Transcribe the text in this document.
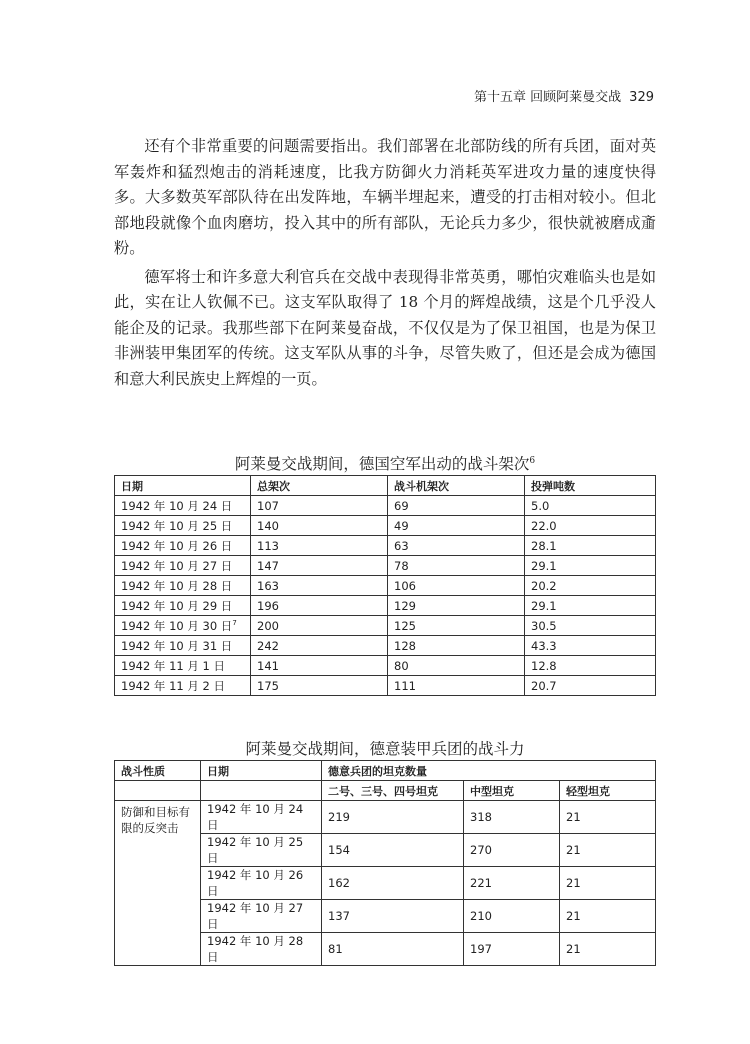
第十五章 回顾阿莱曼交战 329

还有个非常重要的问题需要指出。我们部署在北部防线的所有兵团，面对英军轰炸和猛烈炮击的消耗速度，比我方防御火力消耗英军进攻力量的速度快得多。大多数英军部队待在出发阵地，车辆半埋起来，遭受的打击相对较小。但北部地段就像个血肉磨坊，投入其中的所有部队，无论兵力多少，很快就被磨成齑粉。

德军将士和许多意大利官兵在交战中表现得非常英勇，哪怕灾难临头也是如此，实在让人钦佩不已。这支军队取得了 18 个月的辉煌战绩，这是个几乎没人能企及的记录。我那些部下在阿莱曼奋战，不仅仅是为了保卫祖国，也是为保卫非洲装甲集团军的传统。这支军队从事的斗争，尽管失败了，但还是会成为德国和意大利民族史上辉煌的一页。

阿莱曼交战期间，德国空军出动的战斗架次$^6$
日期	总架次	战斗机架次	投弹吨数
1942 年 10 月 24 日	107	69	5.0
1942 年 10 月 25 日	140	49	22.0
1942 年 10 月 26 日	113	63	28.1
1942 年 10 月 27 日	147	78	29.1
1942 年 10 月 28 日	163	106	20.2
1942 年 10 月 29 日	196	129	29.1
1942 年 10 月 30 日$^7$	200	125	30.5
1942 年 10 月 31 日	242	128	43.3
1942 年 11 月 1 日	141	80	12.8
1942 年 11 月 2 日	175	111	20.7
阿莱曼交战期间，德意装甲兵团的战斗力
战斗性质	日期	德意兵团的坦克数量		
		二号、三号、四号坦克	中型坦克	轻型坦克
防御和目标有限的反突击	1942 年 10 月 24 日	219	318	21
	1942 年 10 月 25 日	154	270	21
	1942 年 10 月 26 日	162	221	21
	1942 年 10 月 27 日	137	210	21
	1942 年 10 月 28 日	81	197	21
